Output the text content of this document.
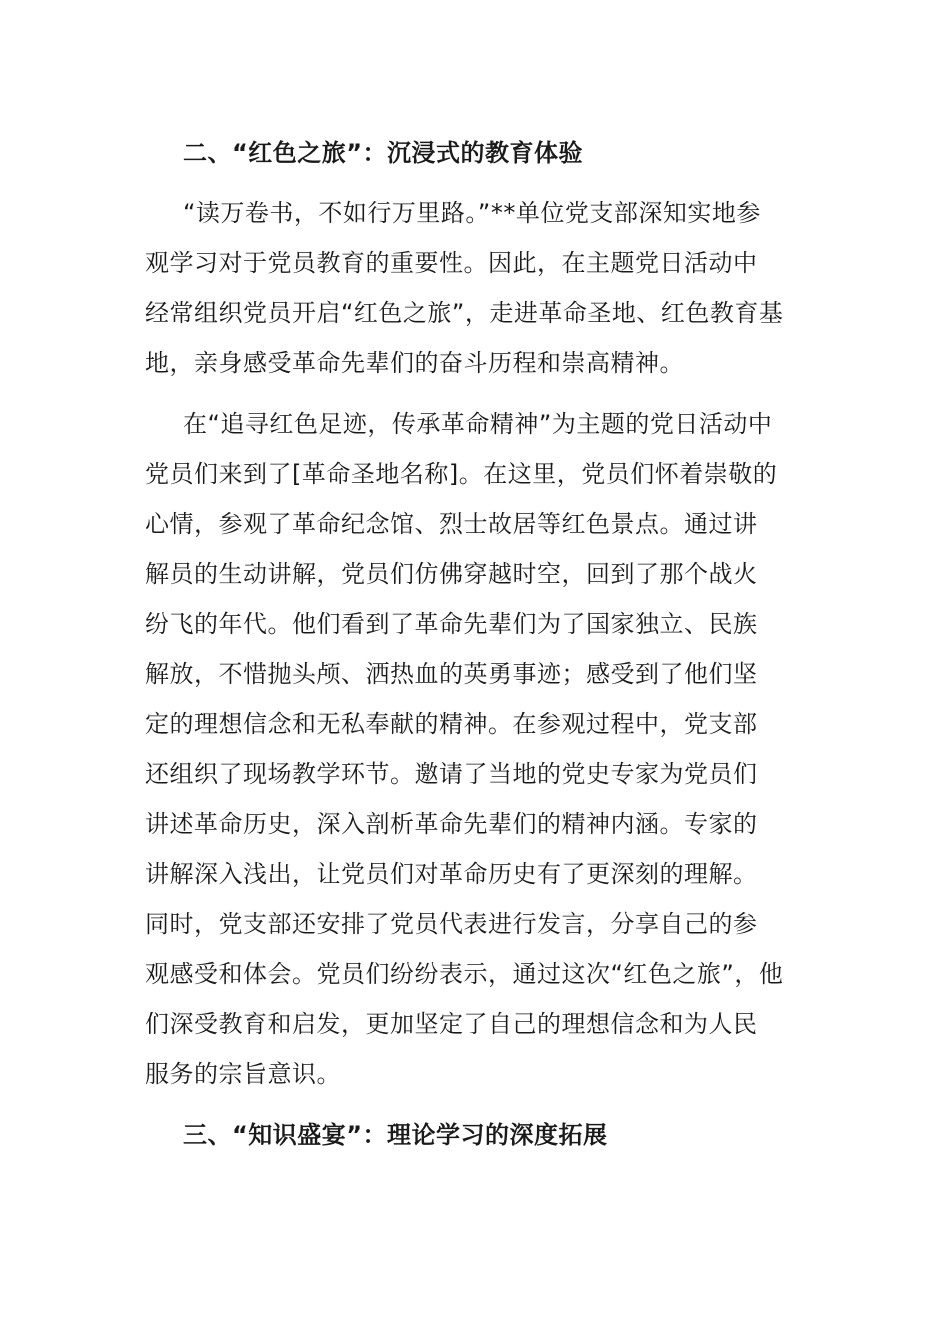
二、“红色之旅”：沉浸式的教育体验

“读万卷书，不如行万里路。”**单位党支部深知实地参
观学习对于党员教育的重要性。因此，在主题党日活动中
经常组织党员开启“红色之旅”，走进革命圣地、红色教育基
地，亲身感受革命先辈们的奋斗历程和崇高精神。

在“追寻红色足迹，传承革命精神”为主题的党日活动中
党员们来到了[革命圣地名称]。在这里，党员们怀着崇敬的
心情，参观了革命纪念馆、烈士故居等红色景点。通过讲
解员的生动讲解，党员们仿佛穿越时空，回到了那个战火
纷飞的年代。他们看到了革命先辈们为了国家独立、民族
解放，不惜抛头颅、洒热血的英勇事迹；感受到了他们坚
定的理想信念和无私奉献的精神。在参观过程中，党支部
还组织了现场教学环节。邀请了当地的党史专家为党员们
讲述革命历史，深入剖析革命先辈们的精神内涵。专家的
讲解深入浅出，让党员们对革命历史有了更深刻的理解。
同时，党支部还安排了党员代表进行发言，分享自己的参
观感受和体会。党员们纷纷表示，通过这次“红色之旅”，他
们深受教育和启发，更加坚定了自己的理想信念和为人民
服务的宗旨意识。

三、“知识盛宴”：理论学习的深度拓展
